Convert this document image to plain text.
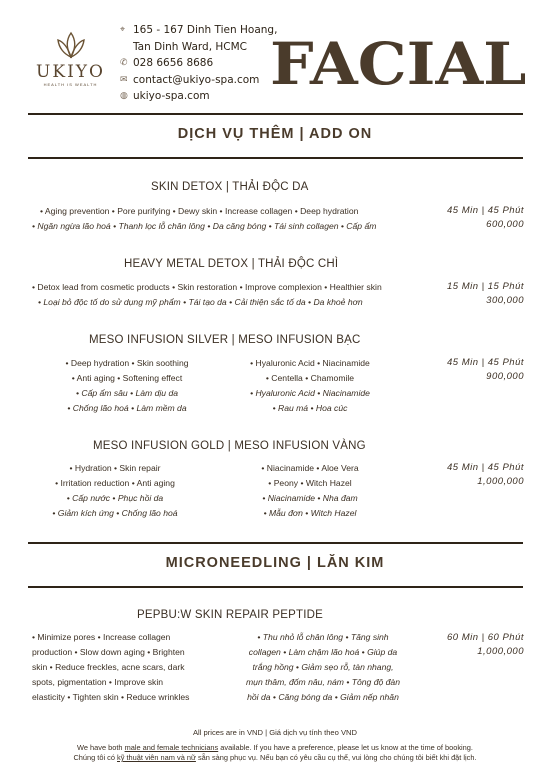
UKIYO
HEALTH IS WEALTH
⌖ 165 - 167 Dinh Tien Hoang,
Tan Dinh Ward, HCMC
✆ 028 6656 8686
✉ contact@ukiyo-spa.com
◍ ukiyo-spa.com FACIAL
DỊCH VỤ THÊM | ADD ON
SKIN DETOX | THẢI ĐỘC DA
• Aging prevention • Pore purifying • Dewy skin • Increase collagen • Deep hydration
• Ngăn ngừa lão hoá • Thanh lọc lỗ chân lông • Da căng bóng • Tái sinh collagen • Cấp ẩm
45 Min | 45 Phút
600,000
HEAVY METAL DETOX | THẢI ĐỘC CHÌ
• Detox lead from cosmetic products • Skin restoration • Improve complexion • Healthier skin
• Loại bỏ độc tố do sử dụng mỹ phẩm • Tái tạo da • Cải thiện sắc tố da • Da khoẻ hơn
15 Min | 15 Phút
300,000
MESO INFUSION SILVER | MESO INFUSION BẠC
• Deep hydration • Skin soothing
• Anti aging • Softening effect
• Cấp ẩm sâu • Làm dịu da
• Chống lão hoá • Làm mềm da
• Hyaluronic Acid • Niacinamide
• Centella • Chamomile
• Hyaluronic Acid • Niacinamide
• Rau má • Hoa cúc
45 Min | 45 Phút
900,000
MESO INFUSION GOLD | MESO INFUSION VÀNG
• Hydration • Skin repair
• Irritation reduction • Anti aging
• Cấp nước • Phục hồi da
• Giảm kích ứng • Chống lão hoá
• Niacinamide • Aloe Vera
• Peony • Witch Hazel
• Niacinamide • Nha đam
• Mẫu đơn • Witch Hazel
45 Min | 45 Phút
1,000,000
MICRONEEDLING | LĂN KIM
PEPBU:W SKIN REPAIR PEPTIDE
• Minimize pores • Increase collagen
production • Slow down aging • Brighten
skin • Reduce freckles, acne scars, dark
spots, pigmentation • Improve skin
elasticity • Tighten skin • Reduce wrinkles
• Thu nhỏ lỗ chân lông • Tăng sinh
collagen • Làm chậm lão hoá • Giúp da
trắng hồng • Giảm sẹo rỗ, tàn nhang,
mụn thâm, đốm nâu, nám • Tông độ đàn
hồi da • Căng bóng da • Giảm nếp nhăn
60 Min | 60 Phút
1,000,000
All prices are in VND | Giá dịch vụ tính theo VND
We have both male and female technicians available. If you have a preference, please let us know at the time of booking.
Chúng tôi có kỹ thuật viên nam và nữ sẵn sàng phục vụ. Nếu bạn có yêu cầu cụ thể, vui lòng cho chúng tôi biết khi đặt lịch.
